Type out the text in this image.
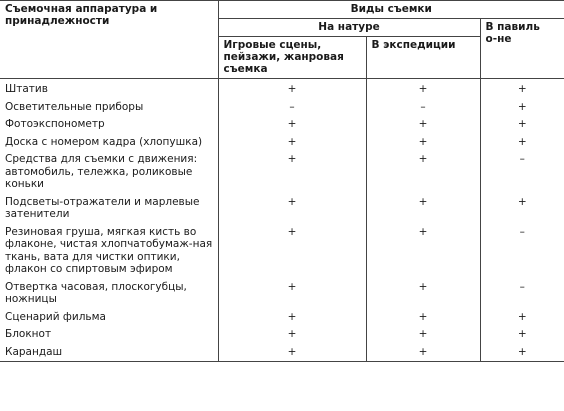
Съемочная аппаратура и принадлежности	Виды съемки		
	На натуре		В павильо-не

	Игровые сцены, пейзажи, жанровая съемка	В экспедиции	
Штатив	+	+	+
Осветительные приборы	–	–	+
Фотоэкспонометр	+	+	+
Доска с номером кадра (хлопушка)	+	+	+
Средства для съемки с движения: автомобиль, тележка, роликовые коньки	+	+	–
Подсветы-отражатели и марлевые затенители	+	+	+
Резиновая груша, мягкая кисть во флаконе, чистая хлопчатобумаж-ная ткань, вата для чистки оптики, флакон со спиртовым эфиром	+	+	–
Отвертка часовая, плоскогубцы, ножницы	+	+	–
Сценарий фильма	+	+	+
Блокнот	+	+	+
Карандаш	+	+	+
